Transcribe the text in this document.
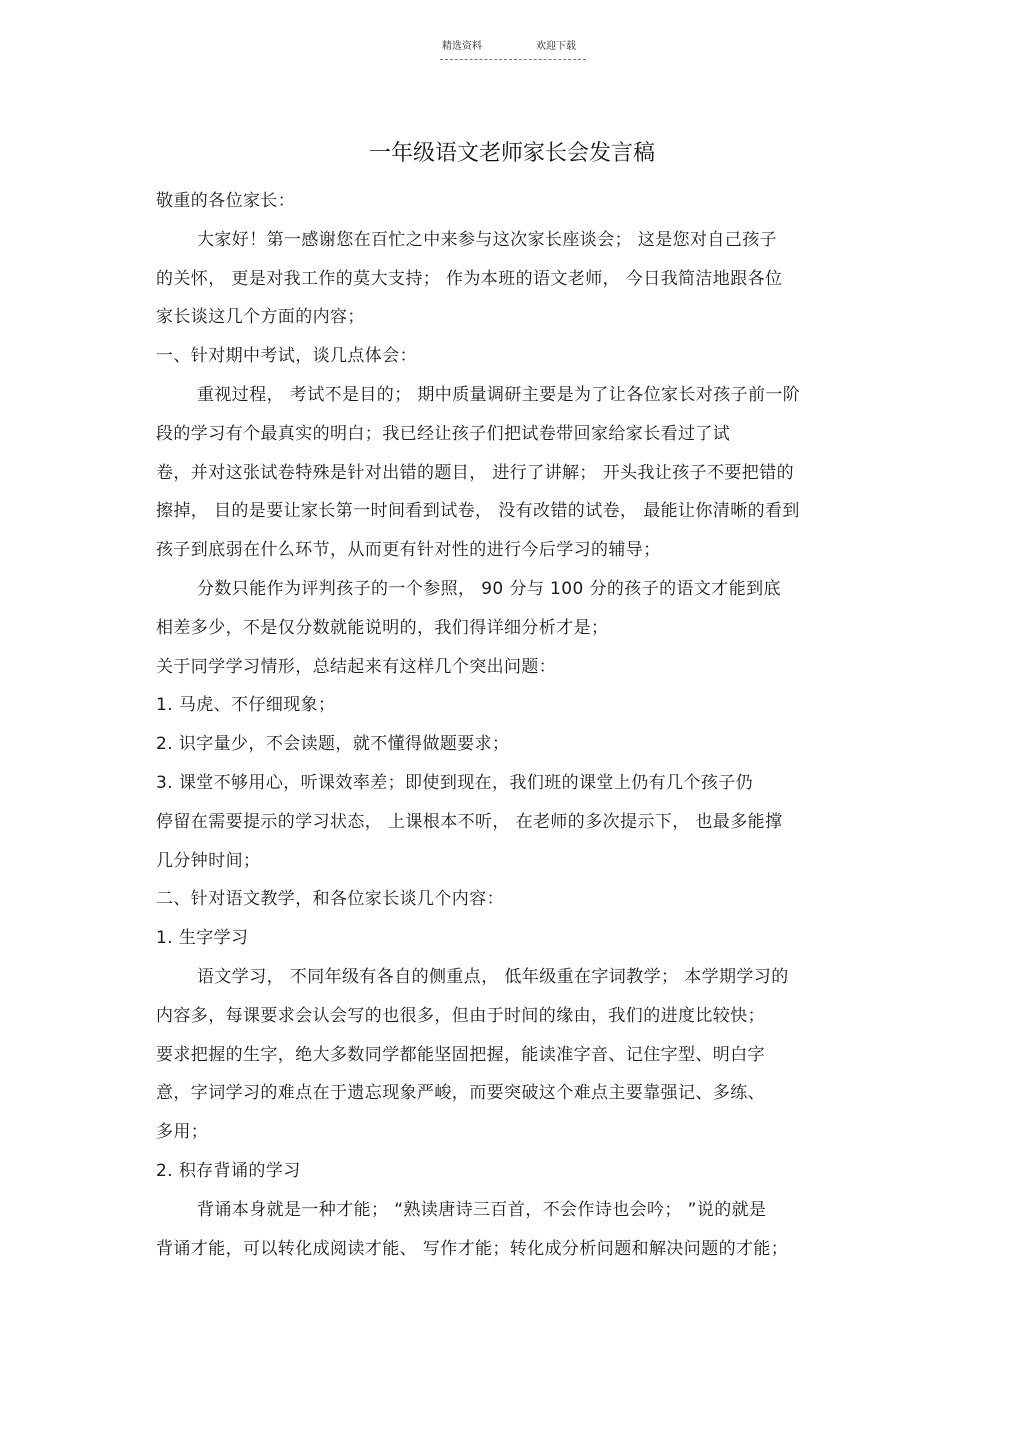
精选资料	欢迎下载
一年级语文老师家长会发言稿
敬重的各位家长：
大家好！第一感谢您在百忙之中来参与这次家长座谈会； 这是您对自己孩子
的关怀， 更是对我工作的莫大支持； 作为本班的语文老师， 今日我简洁地跟各位
家长谈这几个方面的内容；
一、针对期中考试，谈几点体会：
重视过程， 考试不是目的； 期中质量调研主要是为了让各位家长对孩子前一阶
段的学习有个最真实的明白；我已经让孩子们把试卷带回家给家长看过了试
卷，并对这张试卷特殊是针对出错的题目， 进行了讲解； 开头我让孩子不要把错的
擦掉， 目的是要让家长第一时间看到试卷， 没有改错的试卷， 最能让你清晰的看到
孩子到底弱在什么环节，从而更有针对性的进行今后学习的辅导；
分数只能作为评判孩子的一个参照， 90 分与 100 分的孩子的语文才能到底
相差多少，不是仅分数就能说明的，我们得详细分析才是；
关于同学学习情形，总结起来有这样几个突出问题：
1. 马虎、不仔细现象；
2. 识字量少，不会读题，就不懂得做题要求；
3. 课堂不够用心，听课效率差；即使到现在，我们班的课堂上仍有几个孩子仍
停留在需要提示的学习状态， 上课根本不听， 在老师的多次提示下， 也最多能撑
几分钟时间；
二、针对语文教学，和各位家长谈几个内容：
1. 生字学习
语文学习， 不同年级有各自的侧重点， 低年级重在字词教学； 本学期学习的
内容多，每课要求会认会写的也很多，但由于时间的缘由，我们的进度比较快；
要求把握的生字，绝大多数同学都能坚固把握，能读准字音、记住字型、明白字
意，字词学习的难点在于遗忘现象严峻，而要突破这个难点主要靠强记、多练、
多用；
2. 积存背诵的学习
背诵本身就是一种才能； “熟读唐诗三百首，不会作诗也会吟； ”说的就是
背诵才能，可以转化成阅读才能、 写作才能；转化成分析问题和解决问题的才能；
